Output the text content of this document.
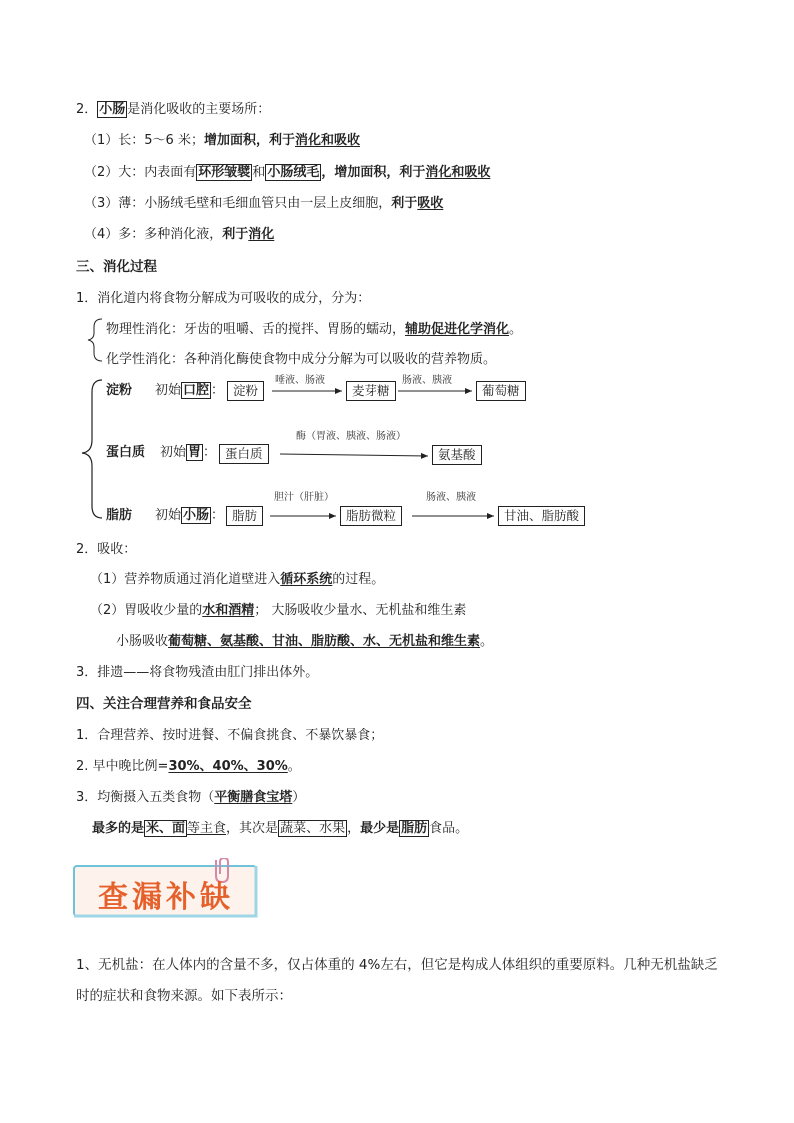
2． 小肠 是消化吸收的主要场所：
（1）长：5～6 米；增加面积，利于消化和吸收
（2）大：内表面有 环形皱襞 和 小肠绒毛 ，增加面积，利于消化和吸收
（3）薄：小肠绒毛壁和毛细血管只由一层上皮细胞，利于吸收
（4）多：多种消化液，利于消化
三、消化过程
1．消化道内将食物分解成为可吸收的成分，分为：
物理性消化：牙齿的咀嚼、舌的搅拌、胃肠的蠕动，辅助促进化学消化。
化学性消化：各种消化酶使食物中成分分解为可以吸收的营养物质。
淀粉 初始 口腔 ： 淀粉
唾液、肠液
麦芽糖
肠液、胰液
葡萄糖
蛋白质 初始 胃 ： 蛋白质
酶（胃液、胰液、肠液）
氨基酸
脂肪 初始 小肠 ： 脂肪
胆汁（肝脏）
脂肪微粒
肠液、胰液
甘油、脂肪酸
2．吸收：
（1）营养物质通过消化道壁进入循环系统的过程。
（2）胃吸收少量的水和酒精； 大肠吸收少量水、无机盐和维生素
小肠吸收葡萄糖、氨基酸、甘油、脂肪酸、水、无机盐和维生素。
3．排遗——将食物残渣由肛门排出体外。
四、关注合理营养和食品安全
1．合理营养、按时进餐、不偏食挑食、不暴饮暴食；
2. 早中晚比例=30%、40%、30%。
3．均衡摄入五类食物（平衡膳食宝塔）
最多的是 米、面 等主食，其次是 蔬菜、水果 ，最少是 脂肪 食品。
查漏补缺
1、无机盐：在人体内的含量不多，仅占体重的 4%左右，但它是构成人体组织的重要原料。几种无机盐缺乏
时的症状和食物来源。如下表所示：
